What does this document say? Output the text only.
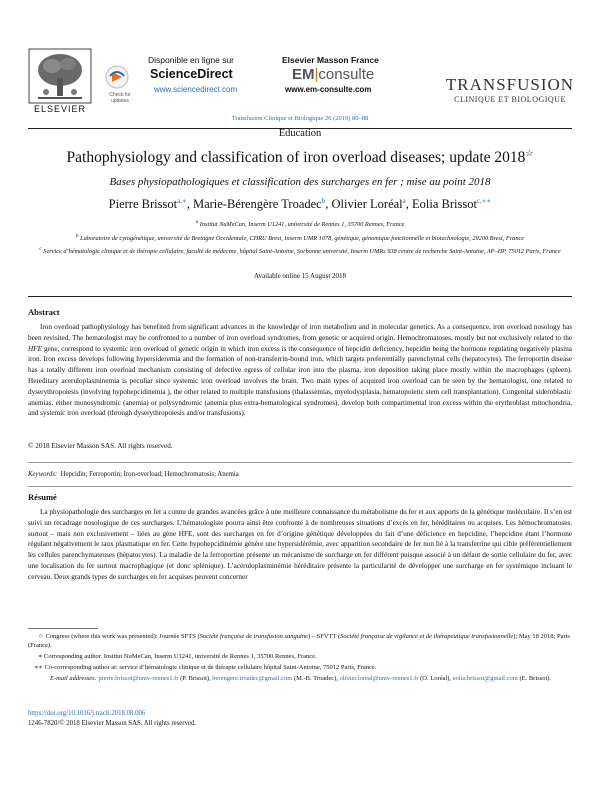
ELSEVIER
Disponible en ligne sur
Check for updates
ScienceDirect
www.sciencedirect.com
Elsevier Masson France
EM|consulte
www.em-consulte.com	TRANSFUSION
CLINIQUE ET BIOLOGIQUE
Transfusion Clinique et Biologique 26 (2019) 80–88
Education
Pathophysiology and classification of iron overload diseases; update 2018☆
Bases physiopathologiques et classification des surcharges en fer ; mise au point 2018
Pierre Brissot$^{a,∗}$, Marie-Bérengère Troadec$^b$, Olivier Loréal$^a$, Eolia Brissot$^{c,∗∗}$
$^a$ Institut NuMeCan, Inserm U1241, université de Rennes 1, 35700 Rennes, France
$^b$ Laboratoire de cytogénétique, université de Bretagne Occidentale, CHRU Brest, Inserm UMR 1078, génétique, génomique fonctionnelle et biotechnologie, 29200 Brest, France
$^c$ Service d’hématologie clinique et de thérapie cellulaire, faculté de médecine, hôpital Saint-Antoine, Sorbonne université, Inserm UMRs 938 centre de recherche Saint-Antoine, AP–HP, 75012 Paris, France
Available online 15 August 2018
Abstract
Iron overload pathophysiology has benefited from significant advances in the knowledge of iron metabolism and in molecular genetics. As a consequence, iron overload nosology has been revisited. The hematologist may be confronted to a number of iron overload syndromes, from genetic or acquired origin. Hemochromatoses, mostly but not exclusively related to the HFE gene, correspond to systemic iron overload of genetic origin in which iron excess is the consequence of hepcidin deficiency, hepcidin being the hormone regulating negatively plasma iron. Iron excess develops following hypersideremia and the formation of non-transferrin-bound iron, which targets preferentially parenchymal cells (hepatocytes). The ferroportin disease has a totally different iron overload mechanism consisting of defective egress of cellular iron into the plasma, iron deposition taking place mostly within the macrophages (spleen). Hereditary aceruloplasminemia is peculiar since systemic iron overload involves the brain. Two main types of acquired iron overload can be seen by the hematologist, one related to dyserythropoiesis (involving hypohepcidinemia ), the other related to multiple transfusions (thalassemias, myelodysplasia, hematopoietic stem cell transplantation). Congenital sideroblastic anemias, either monosyndromic (anemia) or polysyndromic (anemia plus extra-hematological syndromes), develop both compartimental iron excess within the erythroblast mitochondria, and systemic iron overload (through dyserythropoiesis and/or transfusions).
© 2018 Elsevier Masson SAS. All rights reserved.
Keywords: Hepcidin; Ferroportin; Iron-overload; Hemochromatosis; Anemia
Résumé
La physiopathologie des surcharges en fer a connu de grandes avancées grâce à une meilleure connaissance du métabolisme du fer et aux apports de la génétique moléculaire. Il s’en est suivi un recadrage nosologique de ces surcharges. L’hématologiste pourra ainsi être confronté à de nombreuses situations d’excès en fer, héréditaires ou acquises. Les hémochromatoses, surtout – mais non exclusivement – liées au gène HFE, sont des surcharges en fer d’origine génétique développées du fait d’une déficience en hepcidine, l’hepcidine étant l’hormone régulant négativement le taux plasmatique en fer. Cette hypohepcidinémie génère une hypersidérémie, avec apparition secondaire de fer non lié à la transferrine qui cible préférentiellement les cellules parenchymateuses (hépatocytes). La maladie de la ferroportine présente un mécanisme de surcharge en fer différent puisque associé à un défaut de sortie cellulaire du fer, avec une localisation du fer surtout macrophagique (et donc splénique). L’acéruloplasminémie héréditaire présente la particularité de développer une surcharge en fer systémique incluant le cerveau. Deux grands types de surcharges en fer acquises peuvent concerner
☆ Congress (where this work was presented): Journée SFTS (Société française de transfusion sanguine) – SFVTT (Société française de vigilance et de thérapeutique transfusionnelle); May 18 2018; Paris (France).
∗ Corresponding author. Institut NuMeCan, Inserm U1241, université de Rennes 1, 35700 Rennes, France.
∗∗ Co-corresponding author at: service d’hématologie clinique et de thérapie cellulaire hôpital Saint-Antoine, 75012 Paris, France.
E-mail addresses: pierre.brissot@univ-rennes1.fr (P. Brissot), berengere.troadec@gmail.com (M.-B. Troadec), olivier.loreal@univ-rennes1.fr (O. Loréal), eolia.brissot@gmail.com (E. Brissot).
https://doi.org/10.1016/j.tracli.2018.08.006
1246-7820/© 2018 Elsevier Masson SAS. All rights reserved.
